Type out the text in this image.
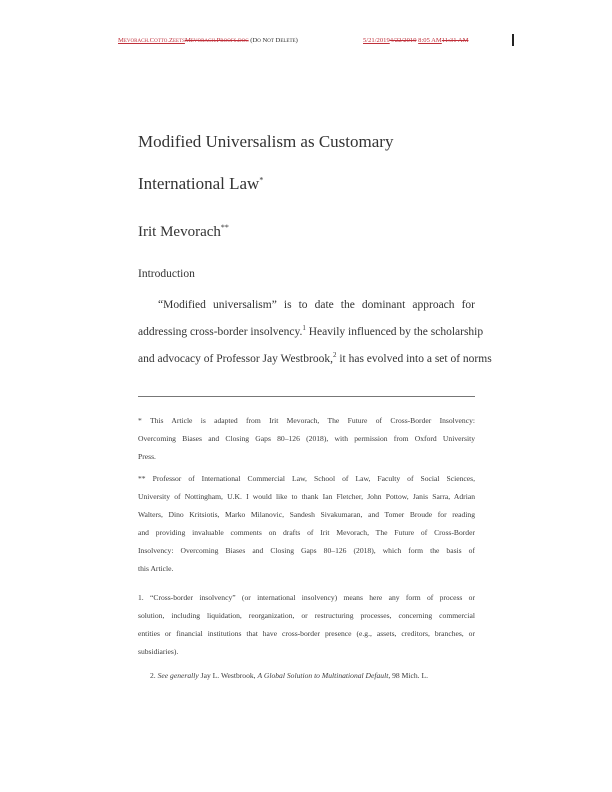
Mevorach.Cotto.ZeetsMevorach.Proofs.doc (Do Not Delete)	5/21/20194/22/2019 8:05 AM11:31 AM
Modified Universalism as Customary
International Law*
Irit Mevorach**
Introduction
“Modified universalism” is to date the dominant approach for
addressing cross-border insolvency.$^1$ Heavily influenced by the scholarship
and advocacy of Professor Jay Westbrook,$^2$ it has evolved into a set of norms
* This Article is adapted from Irit Mevorach, The Future of Cross-Border Insolvency:
Overcoming Biases and Closing Gaps 80–126 (2018), with permission from Oxford University
Press.
** Professor of International Commercial Law, School of Law, Faculty of Social Sciences,
University of Nottingham, U.K. I would like to thank Ian Fletcher, John Pottow, Janis Sarra, Adrian
Walters, Dino Kritsiotis, Marko Milanovic, Sandesh Sivakumaran, and Tomer Broude for reading
and providing invaluable comments on drafts of Irit Mevorach, The Future of Cross-Border
Insolvency: Overcoming Biases and Closing Gaps 80–126 (2018), which form the basis of
this Article.
1. “Cross-border insolvency” (or international insolvency) means here any form of process or
solution, including liquidation, reorganization, or restructuring processes, concerning commercial
entities or financial institutions that have cross-border presence (e.g., assets, creditors, branches, or
subsidiaries).
2. See generally Jay L. Westbrook, A Global Solution to Multinational Default, 98 Mich. L.
